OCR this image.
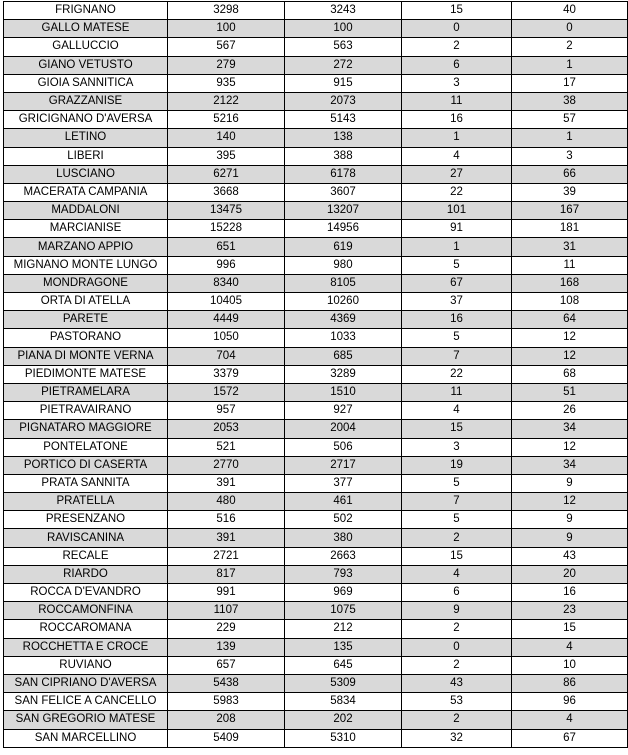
FRIGNANO	3298	3243	15	40
GALLO MATESE	100	100	0	0
GALLUCCIO	567	563	2	2
GIANO VETUSTO	279	272	6	1
GIOIA SANNITICA	935	915	3	17
GRAZZANISE	2122	2073	11	38
GRICIGNANO D'AVERSA	5216	5143	16	57
LETINO	140	138	1	1
LIBERI	395	388	4	3
LUSCIANO	6271	6178	27	66
MACERATA CAMPANIA	3668	3607	22	39
MADDALONI	13475	13207	101	167
MARCIANISE	15228	14956	91	181
MARZANO APPIO	651	619	1	31
MIGNANO MONTE LUNGO	996	980	5	11
MONDRAGONE	8340	8105	67	168
ORTA DI ATELLA	10405	10260	37	108
PARETE	4449	4369	16	64
PASTORANO	1050	1033	5	12
PIANA DI MONTE VERNA	704	685	7	12
PIEDIMONTE MATESE	3379	3289	22	68
PIETRAMELARA	1572	1510	11	51
PIETRAVAIRANO	957	927	4	26
PIGNATARO MAGGIORE	2053	2004	15	34
PONTELATONE	521	506	3	12
PORTICO DI CASERTA	2770	2717	19	34
PRATA SANNITA	391	377	5	9
PRATELLA	480	461	7	12
PRESENZANO	516	502	5	9
RAVISCANINA	391	380	2	9
RECALE	2721	2663	15	43
RIARDO	817	793	4	20
ROCCA D'EVANDRO	991	969	6	16
ROCCAMONFINA	1107	1075	9	23
ROCCAROMANA	229	212	2	15
ROCCHETTA E CROCE	139	135	0	4
RUVIANO	657	645	2	10
SAN CIPRIANO D'AVERSA	5438	5309	43	86
SAN FELICE A CANCELLO	5983	5834	53	96
SAN GREGORIO MATESE	208	202	2	4
SAN MARCELLINO	5409	5310	32	67
